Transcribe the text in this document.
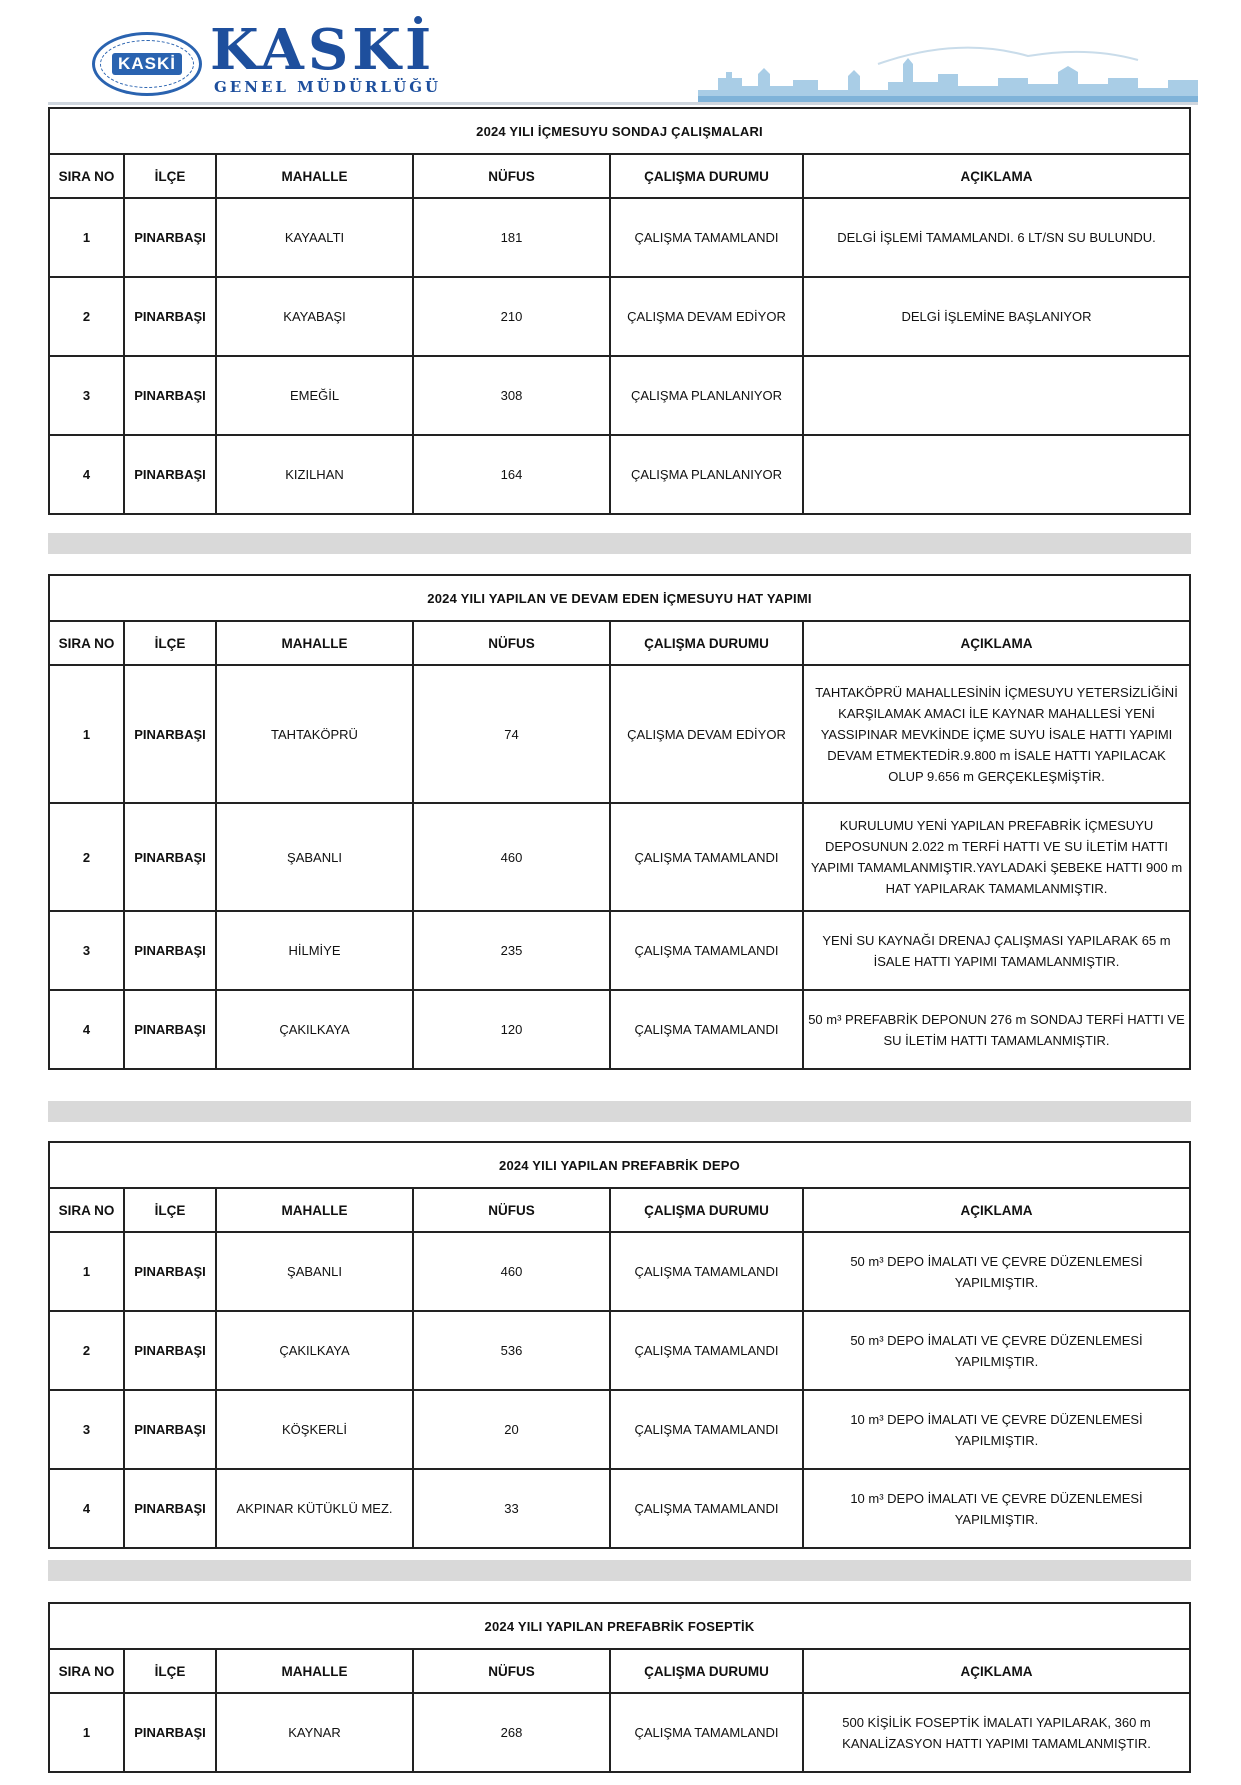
KASKİ KASKİ
GENEL MÜDÜRLÜĞÜ
2024 YILI İÇMESUYU SONDAJ ÇALIŞMALARI					
SIRA NO	İLÇE	MAHALLE	NÜFUS	ÇALIŞMA DURUMU	AÇIKLAMA
1	PINARBAŞI	KAYAALTI	181	ÇALIŞMA TAMAMLANDI	DELGİ İŞLEMİ TAMAMLANDI. 6 LT/SN SU BULUNDU.
2	PINARBAŞI	KAYABAŞI	210	ÇALIŞMA DEVAM EDİYOR	DELGİ İŞLEMİNE BAŞLANIYOR
3	PINARBAŞI	EMEĞİL	308	ÇALIŞMA PLANLANIYOR	
4	PINARBAŞI	KIZILHAN	164	ÇALIŞMA PLANLANIYOR	
2024 YILI YAPILAN VE DEVAM EDEN İÇMESUYU HAT YAPIMI					
SIRA NO	İLÇE	MAHALLE	NÜFUS	ÇALIŞMA DURUMU	AÇIKLAMA
1	PINARBAŞI	TAHTAKÖPRÜ	74	ÇALIŞMA DEVAM EDİYOR	TAHTAKÖPRÜ MAHALLESİNİN İÇMESUYU YETERSİZLİĞİNİ KARŞILAMAK AMACI İLE KAYNAR MAHALLESİ YENİ YASSIPINAR MEVKİNDE İÇME SUYU İSALE HATTI YAPIMI DEVAM ETMEKTEDİR.9.800 m İSALE HATTI YAPILACAK OLUP 9.656 m GERÇEKLEŞMİŞTİR.
2	PINARBAŞI	ŞABANLI	460	ÇALIŞMA TAMAMLANDI	KURULUMU YENİ YAPILAN PREFABRİK İÇMESUYU DEPOSUNUN 2.022 m TERFİ HATTI VE SU İLETİM HATTI YAPIMI TAMAMLANMIŞTIR.YAYLADAKİ ŞEBEKE HATTI 900 m HAT YAPILARAK TAMAMLANMIŞTIR.
3	PINARBAŞI	HİLMİYE	235	ÇALIŞMA TAMAMLANDI	YENİ SU KAYNAĞI DRENAJ ÇALIŞMASI YAPILARAK 65 m İSALE HATTI YAPIMI TAMAMLANMIŞTIR.
4	PINARBAŞI	ÇAKILKAYA	120	ÇALIŞMA TAMAMLANDI	50 m³ PREFABRİK DEPONUN 276 m SONDAJ TERFİ HATTI VE SU İLETİM HATTI TAMAMLANMIŞTIR.
2024 YILI YAPILAN PREFABRİK DEPO					
SIRA NO	İLÇE	MAHALLE	NÜFUS	ÇALIŞMA DURUMU	AÇIKLAMA
1	PINARBAŞI	ŞABANLI	460	ÇALIŞMA TAMAMLANDI	50 m³ DEPO İMALATI VE ÇEVRE DÜZENLEMESİ YAPILMIŞTIR.
2	PINARBAŞI	ÇAKILKAYA	536	ÇALIŞMA TAMAMLANDI	50 m³ DEPO İMALATI VE ÇEVRE DÜZENLEMESİ YAPILMIŞTIR.
3	PINARBAŞI	KÖŞKERLİ	20	ÇALIŞMA TAMAMLANDI	10 m³ DEPO İMALATI VE ÇEVRE DÜZENLEMESİ YAPILMIŞTIR.
4	PINARBAŞI	AKPINAR KÜTÜKLÜ MEZ.	33	ÇALIŞMA TAMAMLANDI	10 m³ DEPO İMALATI VE ÇEVRE DÜZENLEMESİ YAPILMIŞTIR.
2024 YILI YAPILAN PREFABRİK FOSEPTİK					
SIRA NO	İLÇE	MAHALLE	NÜFUS	ÇALIŞMA DURUMU	AÇIKLAMA
1	PINARBAŞI	KAYNAR	268	ÇALIŞMA TAMAMLANDI	500 KİŞİLİK FOSEPTİK İMALATI YAPILARAK, 360 m KANALİZASYON HATTI YAPIMI TAMAMLANMIŞTIR.
